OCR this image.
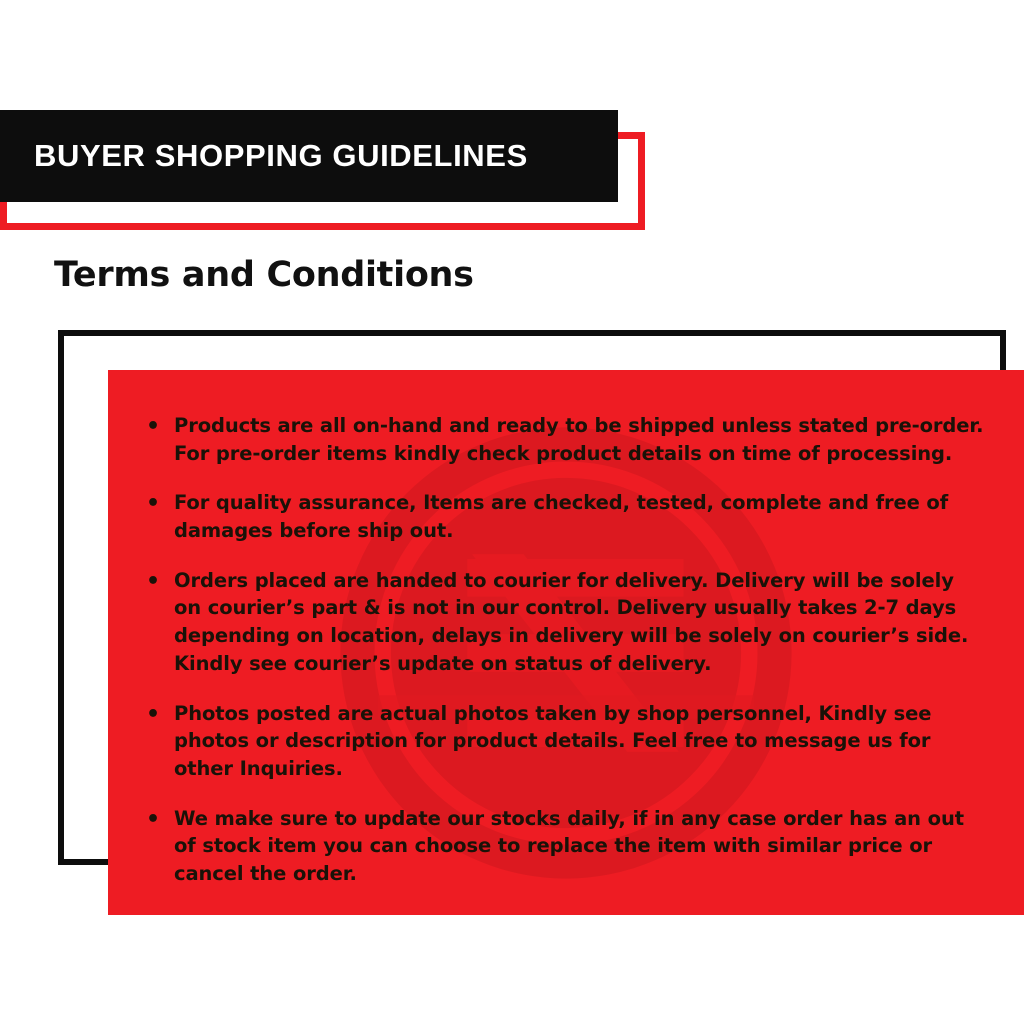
BUYER SHOPPING GUIDELINES
Terms and Conditions
• Products are all on-hand and ready to be shipped unless stated pre-order. For pre-order items kindly check product details on time of processing.
• For quality assurance, Items are checked, tested, complete and free of damages before ship out.
• Orders placed are handed to courier for delivery. Delivery will be solely on courier’s part & is not in our control. Delivery usually takes 2-7 days depending on location, delays in delivery will be solely on courier’s side. Kindly see courier’s update on status of delivery.
• Photos posted are actual photos taken by shop personnel, Kindly see photos or description for product details. Feel free to message us for other Inquiries.
• We make sure to update our stocks daily, if in any case order has an out of stock item you can choose to replace the item with similar price or cancel the order.
